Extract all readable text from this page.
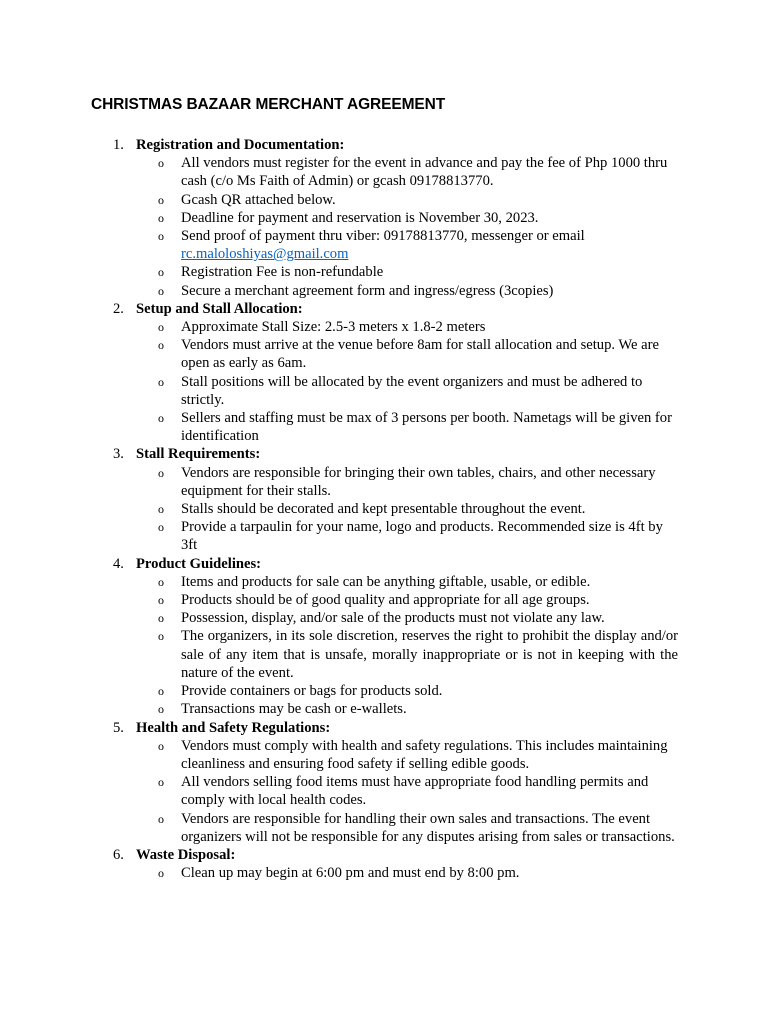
CHRISTMAS BAZAAR MERCHANT AGREEMENT
1. Registration and Documentation:
o All vendors must register for the event in advance and pay the fee of Php 1000 thru cash (c/o Ms Faith of Admin) or gcash 09178813770.
o Gcash QR attached below.
o Deadline for payment and reservation is November 30, 2023.
o Send proof of payment thru viber: 09178813770, messenger or email
rc.maloloshiyas@gmail.com
o Registration Fee is non-refundable
o Secure a merchant agreement form and ingress/egress (3copies)
2. Setup and Stall Allocation:
o Approximate Stall Size: 2.5-3 meters x 1.8-2 meters
o Vendors must arrive at the venue before 8am for stall allocation and setup. We are open as early as 6am.
o Stall positions will be allocated by the event organizers and must be adhered to strictly.
o Sellers and staffing must be max of 3 persons per booth. Nametags will be given for identification
3. Stall Requirements:
o Vendors are responsible for bringing their own tables, chairs, and other necessary equipment for their stalls.
o Stalls should be decorated and kept presentable throughout the event.
o Provide a tarpaulin for your name, logo and products. Recommended size is 4ft by 3ft
4. Product Guidelines:
o Items and products for sale can be anything giftable, usable, or edible.
o Products should be of good quality and appropriate for all age groups.
o Possession, display, and/or sale of the products must not violate any law.
o The organizers, in its sole discretion, reserves the right to prohibit the display and/or sale of any item that is unsafe, morally inappropriate or is not in keeping with the nature of the event.
o Provide containers or bags for products sold.
o Transactions may be cash or e-wallets.
5. Health and Safety Regulations:
o Vendors must comply with health and safety regulations. This includes maintaining cleanliness and ensuring food safety if selling edible goods.
o All vendors selling food items must have appropriate food handling permits and comply with local health codes.
o Vendors are responsible for handling their own sales and transactions. The event organizers will not be responsible for any disputes arising from sales or transactions.
6. Waste Disposal:
o Clean up may begin at 6:00 pm and must end by 8:00 pm.
